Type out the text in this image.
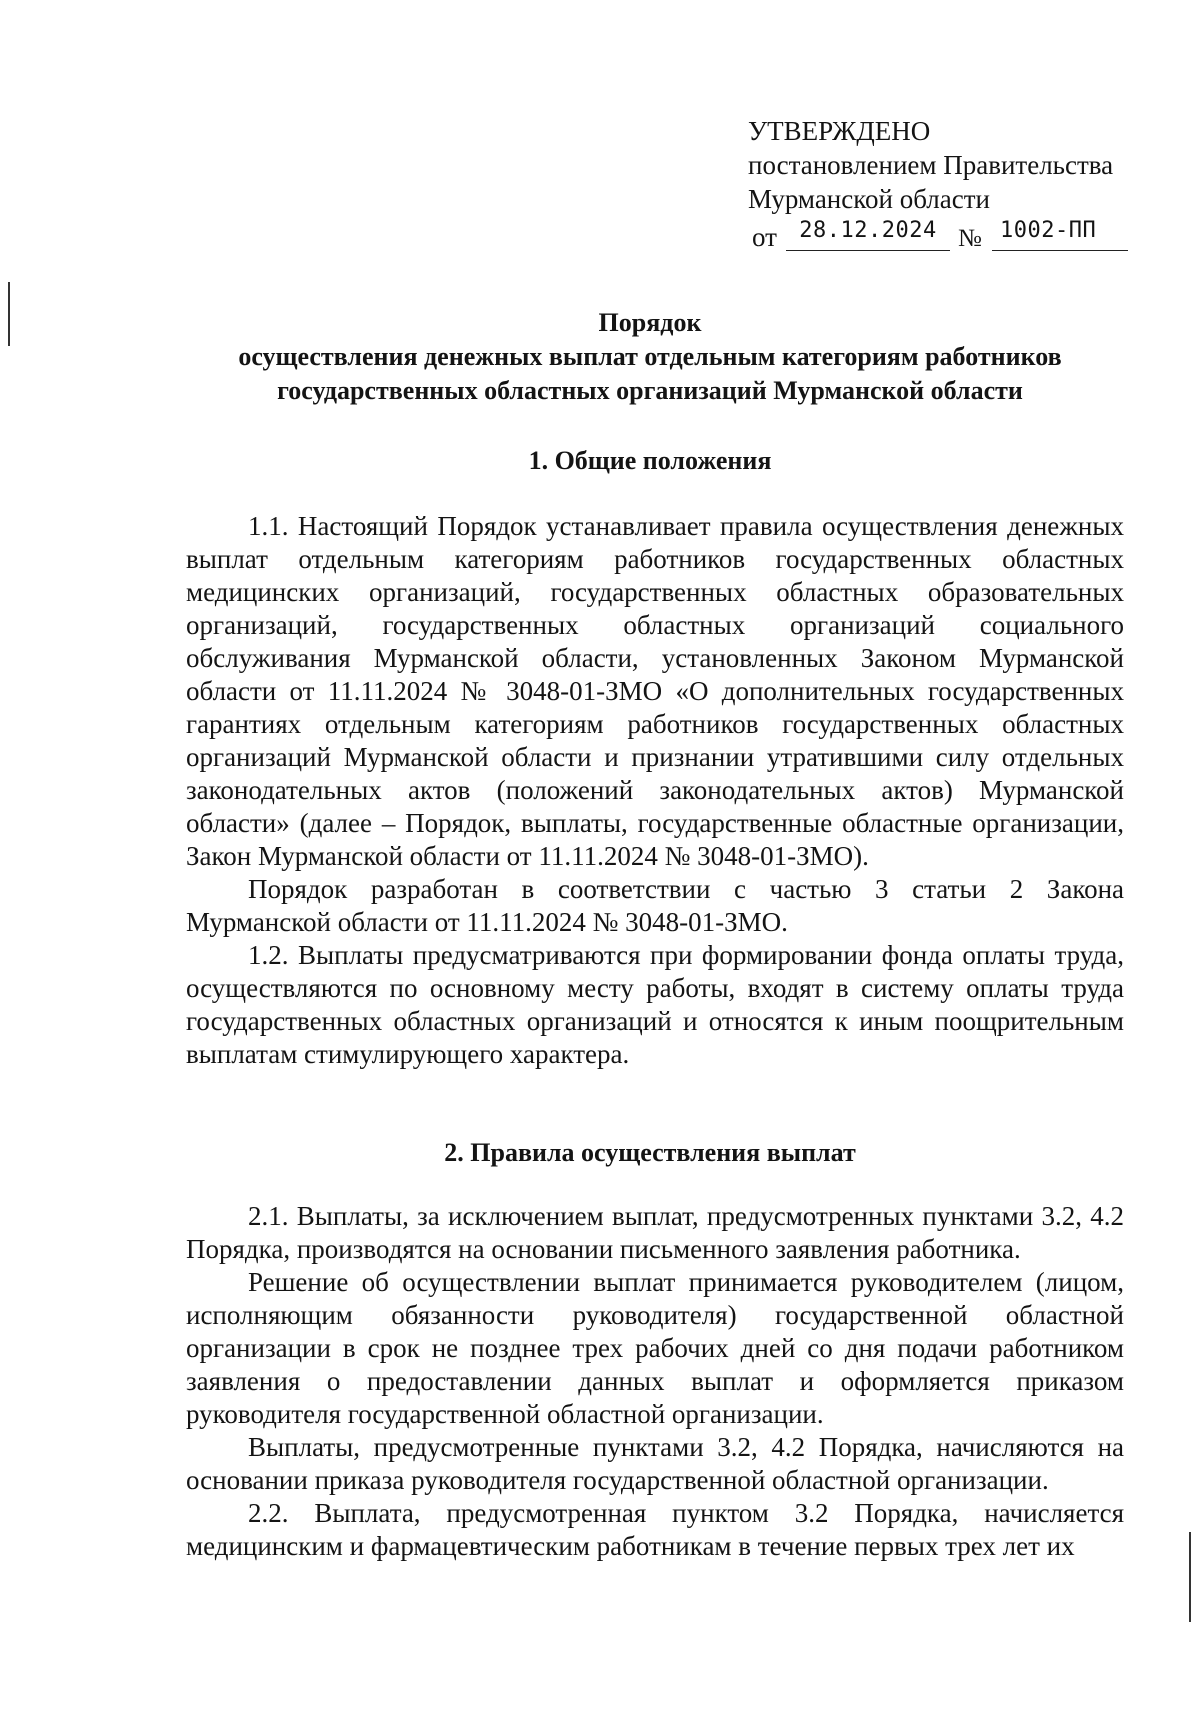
УТВЕРЖДЕНО
постановлением Правительства
Мурманской области
от	28.12.2024 № 1002-ПП
Порядок
осуществления денежных выплат отдельным категориям работников
государственных областных организаций Мурманской области
1. Общие положения

1.1. Настоящий Порядок устанавливает правила осуществления денежных выплат отдельным категориям работников государственных областных медицинских организаций, государственных областных образовательных организаций, государственных областных организаций социального обслуживания Мурманской области, установленных Законом Мурманской области от 11.11.2024 № 3048-01-ЗМО «О дополнительных государственных гарантиях отдельным категориям работников государственных областных организаций Мурманской области и признании утратившими силу отдельных законодательных актов (положений законодательных актов) Мурманской области» (далее – Порядок, выплаты, государственные областные организации, Закон Мурманской области от 11.11.2024 № 3048-01-ЗМО).

Порядок разработан в соответствии с частью 3 статьи 2 Закона Мурманской области от 11.11.2024 № 3048-01-ЗМО.

1.2. Выплаты предусматриваются при формировании фонда оплаты труда, осуществляются по основному месту работы, входят в систему оплаты труда государственных областных организаций и относятся к иным поощрительным выплатам стимулирующего характера.

2. Правила осуществления выплат

2.1. Выплаты, за исключением выплат, предусмотренных пунктами 3.2, 4.2 Порядка, производятся на основании письменного заявления работника.

Решение об осуществлении выплат принимается руководителем (лицом, исполняющим обязанности руководителя) государственной областной организации в срок не позднее трех рабочих дней со дня подачи работником заявления о предоставлении данных выплат и оформляется приказом руководителя государственной областной организации.

Выплаты, предусмотренные пунктами 3.2, 4.2 Порядка, начисляются на основании приказа руководителя государственной областной организации.

2.2. Выплата, предусмотренная пунктом 3.2 Порядка, начисляется медицинским и фармацевтическим работникам в течение первых трех лет их
